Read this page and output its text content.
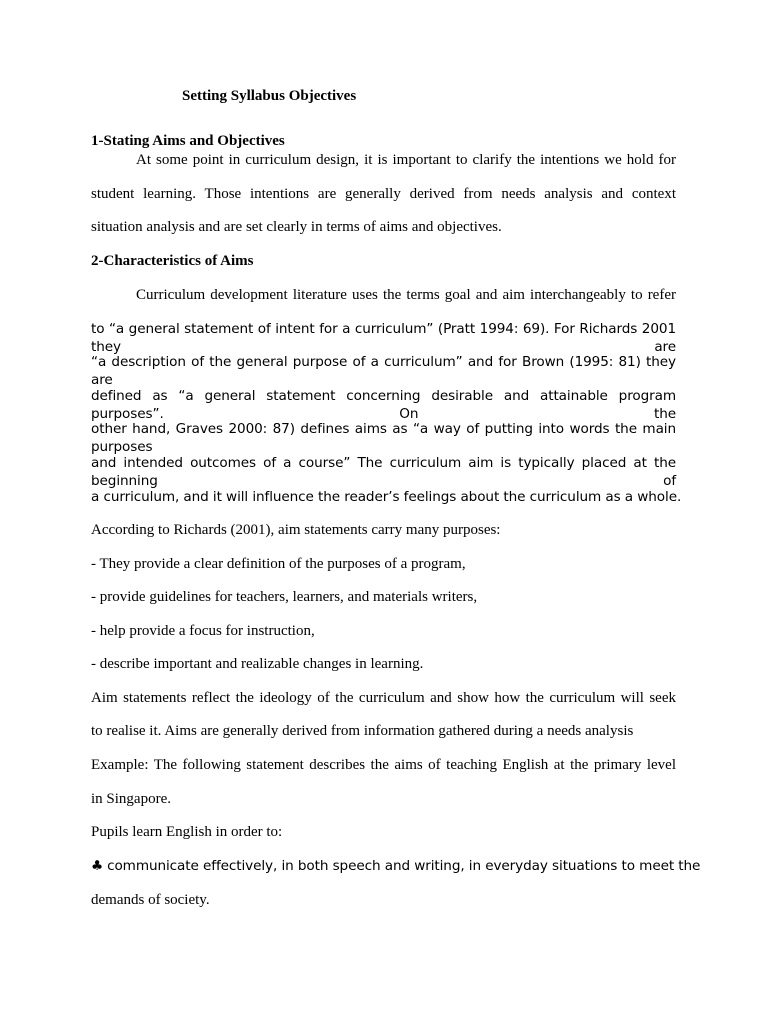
Setting Syllabus Objectives
1-Stating Aims and Objectives
At some point in curriculum design, it is important to clarify the intentions we hold for
student learning. Those intentions are generally derived from needs analysis and context
situation analysis and are set clearly in terms of aims and objectives.
2-Characteristics of Aims
Curriculum development literature uses the terms goal and aim interchangeably to refer
to “a general statement of intent for a curriculum” (Pratt 1994: 69). For Richards 2001 they are
“a description of the general purpose of a curriculum” and for Brown (1995: 81) they are
defined as “a general statement concerning desirable and attainable program purposes”. On the
other hand, Graves 2000: 87) defines aims as “a way of putting into words the main purposes
and intended outcomes of a course” The curriculum aim is typically placed at the beginning of
a curriculum, and it will influence the reader’s feelings about the curriculum as a whole.
According to Richards (2001), aim statements carry many purposes:
- They provide a clear definition of the purposes of a program,
- provide guidelines for teachers, learners, and materials writers,
- help provide a focus for instruction,
- describe important and realizable changes in learning.
Aim statements reflect the ideology of the curriculum and show how the curriculum will seek
to realise it. Aims are generally derived from information gathered during a needs analysis
Example: The following statement describes the aims of teaching English at the primary level
in Singapore.
Pupils learn English in order to:
♣ communicate effectively, in both speech and writing, in everyday situations to meet the
demands of society.
